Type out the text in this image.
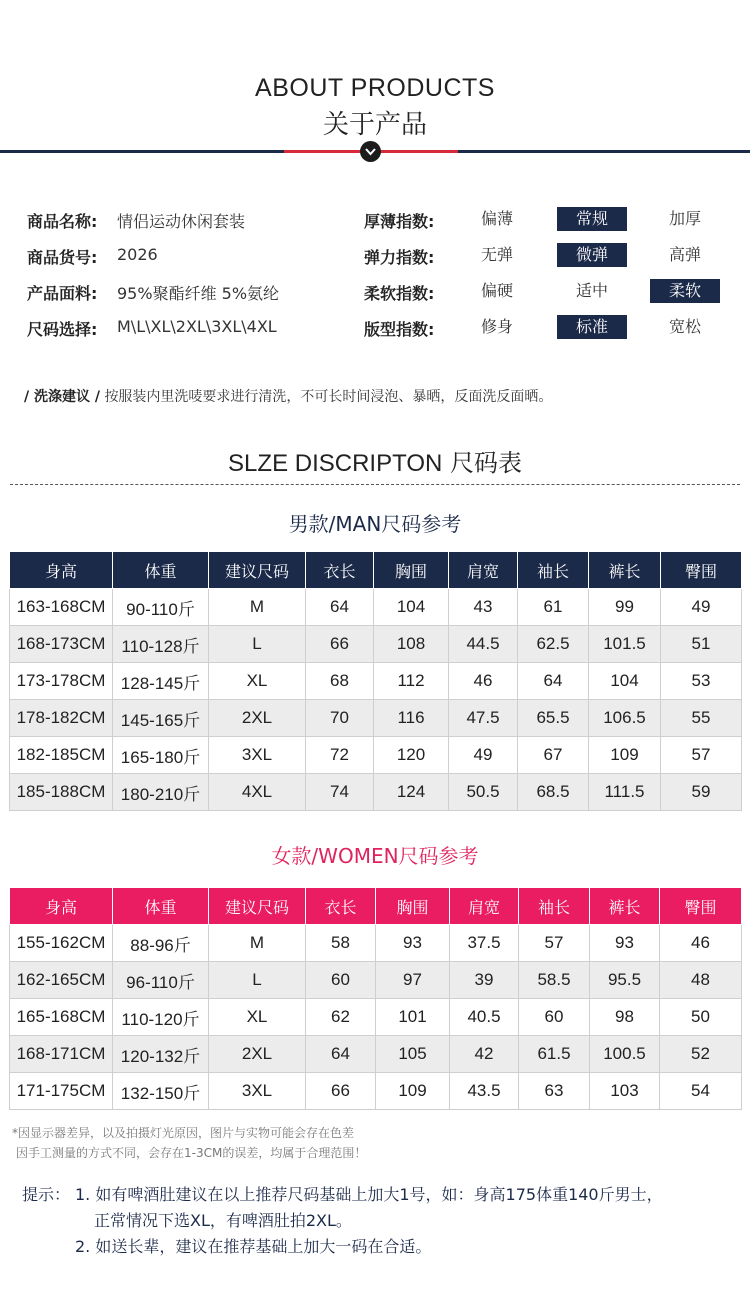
ABOUT PRODUCTS
关于产品
商品名称: 情侣运动休闲套装	厚薄指数:	偏薄	常规	加厚
商品货号: 2026	弹力指数:	无弹	微弹	高弹
产品面料: 95%聚酯纤维 5%氨纶	柔软指数:	偏硬	适中	柔软
尺码选择: M\L\XL\2XL\3XL\4XL	版型指数:	修身	标准	宽松
/ 洗涤建议 / 按服装内里洗唛要求进行清洗，不可长时间浸泡、暴晒，反面洗反面晒。
SLZE DISCRIPTON 尺码表
男款/MAN尺码参考
身高	体重	建议尺码	衣长	胸围	肩宽	袖长	裤长	臀围
163-168CM	90-110斤	M	64	104	43	61	99	49
168-173CM	110-128斤	L	66	108	44.5	62.5	101.5	51
173-178CM	128-145斤	XL	68	112	46	64	104	53
178-182CM	145-165斤	2XL	70	116	47.5	65.5	106.5	55
182-185CM	165-180斤	3XL	72	120	49	67	109	57
185-188CM	180-210斤	4XL	74	124	50.5	68.5	111.5	59
女款/WOMEN尺码参考
身高	体重	建议尺码	衣长	胸围	肩宽	袖长	裤长	臀围
155-162CM	88-96斤	M	58	93	37.5	57	93	46
162-165CM	96-110斤	L	60	97	39	58.5	95.5	48
165-168CM	110-120斤	XL	62	101	40.5	60	98	50
168-171CM	120-132斤	2XL	64	105	42	61.5	100.5	52
171-175CM	132-150斤	3XL	66	109	43.5	63	103	54
*因显示器差异，以及拍摄灯光原因，图片与实物可能会存在色差
因手工测量的方式不同，会存在1-3CM的误差，均属于合理范围！
提示： 1. 如有啤酒肚建议在以上推荐尺码基础上加大1号，如：身高175体重140斤男士，
正常情况下选XL，有啤酒肚拍2XL。
2. 如送长辈，建议在推荐基础上加大一码在合适。
